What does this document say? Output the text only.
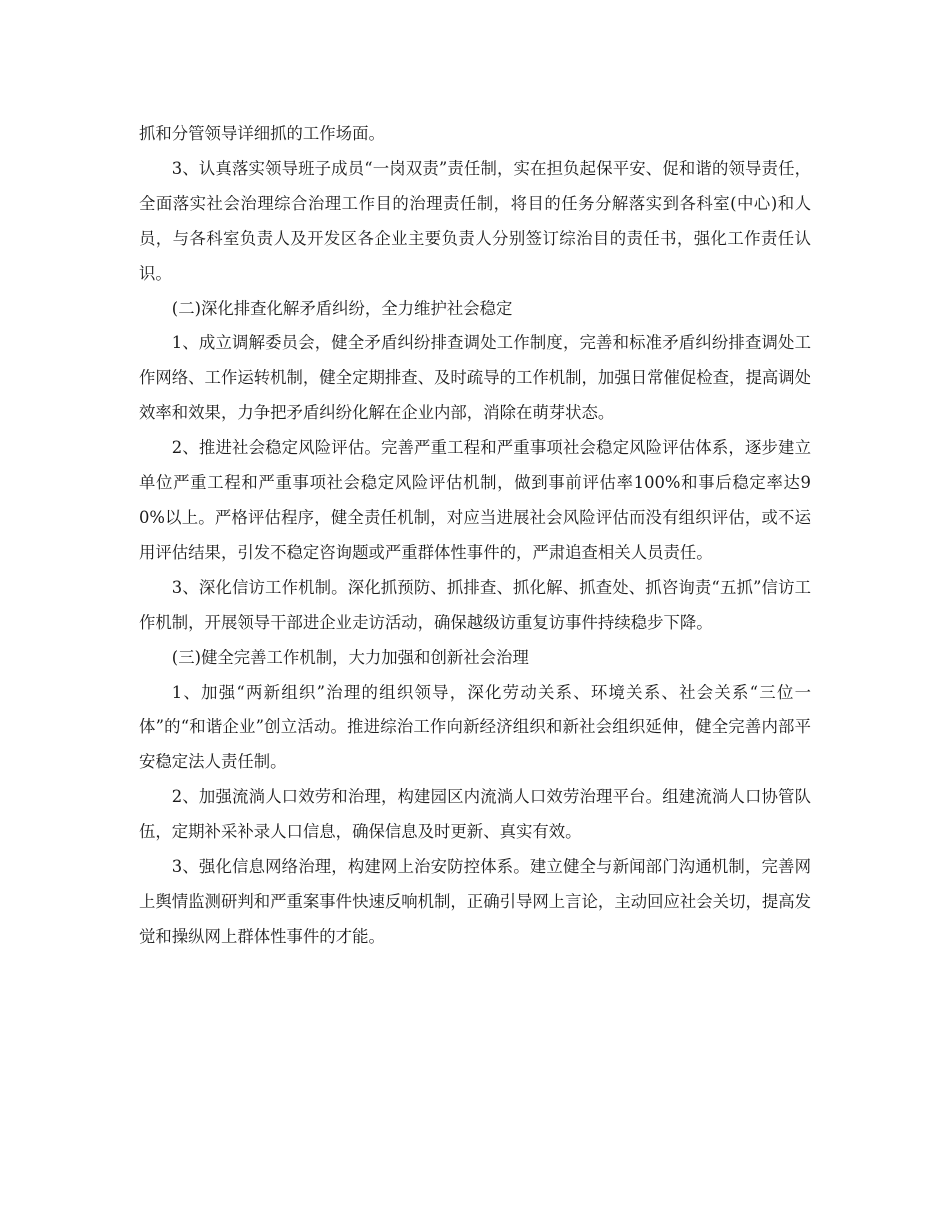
抓和分管领导详细抓的工作场面。

3、认真落实领导班子成员“一岗双责”责任制，实在担负起保平安、促和谐的领导责任，全面落实社会治理综合治理工作目的治理责任制，将目的任务分解落实到各科室(中心)和人员，与各科室负责人及开发区各企业主要负责人分别签订综治目的责任书，强化工作责任认识。

(二)深化排查化解矛盾纠纷，全力维护社会稳定

1、成立调解委员会，健全矛盾纠纷排查调处工作制度，完善和标准矛盾纠纷排查调处工作网络、工作运转机制，健全定期排查、及时疏导的工作机制，加强日常催促检查，提高调处效率和效果，力争把矛盾纠纷化解在企业内部，消除在萌芽状态。

2、推进社会稳定风险评估。完善严重工程和严重事项社会稳定风险评估体系，逐步建立单位严重工程和严重事项社会稳定风险评估机制，做到事前评估率100%和事后稳定率达90%以上。严格评估程序，健全责任机制，对应当进展社会风险评估而没有组织评估，或不运用评估结果，引发不稳定咨询题或严重群体性事件的，严肃追查相关人员责任。

3、深化信访工作机制。深化抓预防、抓排查、抓化解、抓查处、抓咨询责“五抓”信访工作机制，开展领导干部进企业走访活动，确保越级访重复访事件持续稳步下降。

(三)健全完善工作机制，大力加强和创新社会治理

1、加强“两新组织”治理的组织领导，深化劳动关系、环境关系、社会关系“三位一体”的“和谐企业”创立活动。推进综治工作向新经济组织和新社会组织延伸，健全完善内部平安稳定法人责任制。

2、加强流淌人口效劳和治理，构建园区内流淌人口效劳治理平台。组建流淌人口协管队伍，定期补采补录人口信息，确保信息及时更新、真实有效。

3、强化信息网络治理，构建网上治安防控体系。建立健全与新闻部门沟通机制，完善网上舆情监测研判和严重案事件快速反响机制，正确引导网上言论，主动回应社会关切，提高发觉和操纵网上群体性事件的才能。
